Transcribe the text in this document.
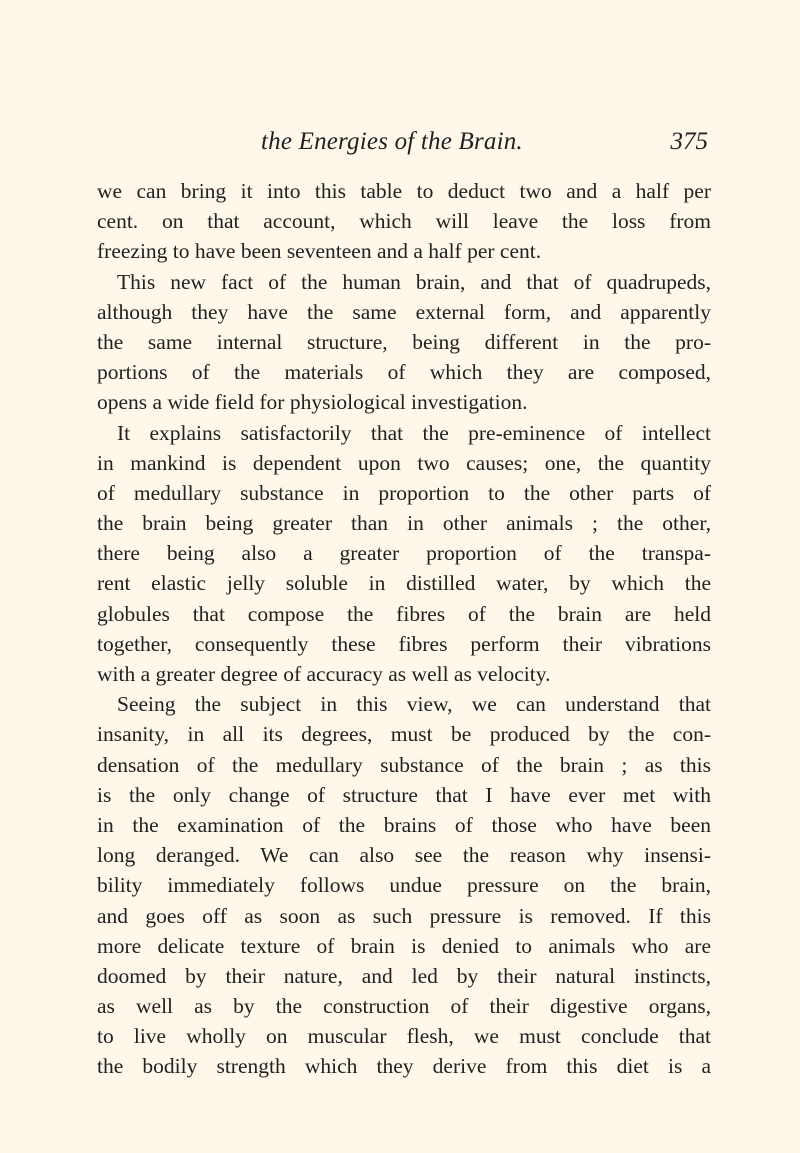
the Energies of the Brain.	375
we can bring it into this table to deduct two and a half per
cent. on that account, which will leave the loss from
freezing to have been seventeen and a half per cent.
This new fact of the human brain, and that of quadrupeds,
although they have the same external form, and apparently
the same internal structure, being different in the pro-
portions of the materials of which they are composed,
opens a wide field for physiological investigation.
It explains satisfactorily that the pre-eminence of intellect
in mankind is dependent upon two causes; one, the quantity
of medullary substance in proportion to the other parts of
the brain being greater than in other animals ; the other,
there being also a greater proportion of the transpa-
rent elastic jelly soluble in distilled water, by which the
globules that compose the fibres of the brain are held
together, consequently these fibres perform their vibrations
with a greater degree of accuracy as well as velocity.
Seeing the subject in this view, we can understand that
insanity, in all its degrees, must be produced by the con-
densation of the medullary substance of the brain ; as this
is the only change of structure that I have ever met with
in the examination of the brains of those who have been
long deranged. We can also see the reason why insensi-
bility immediately follows undue pressure on the brain,
and goes off as soon as such pressure is removed. If this
more delicate texture of brain is denied to animals who are
doomed by their nature, and led by their natural instincts,
as well as by the construction of their digestive organs,
to live wholly on muscular flesh, we must conclude that
the bodily strength which they derive from this diet is a
